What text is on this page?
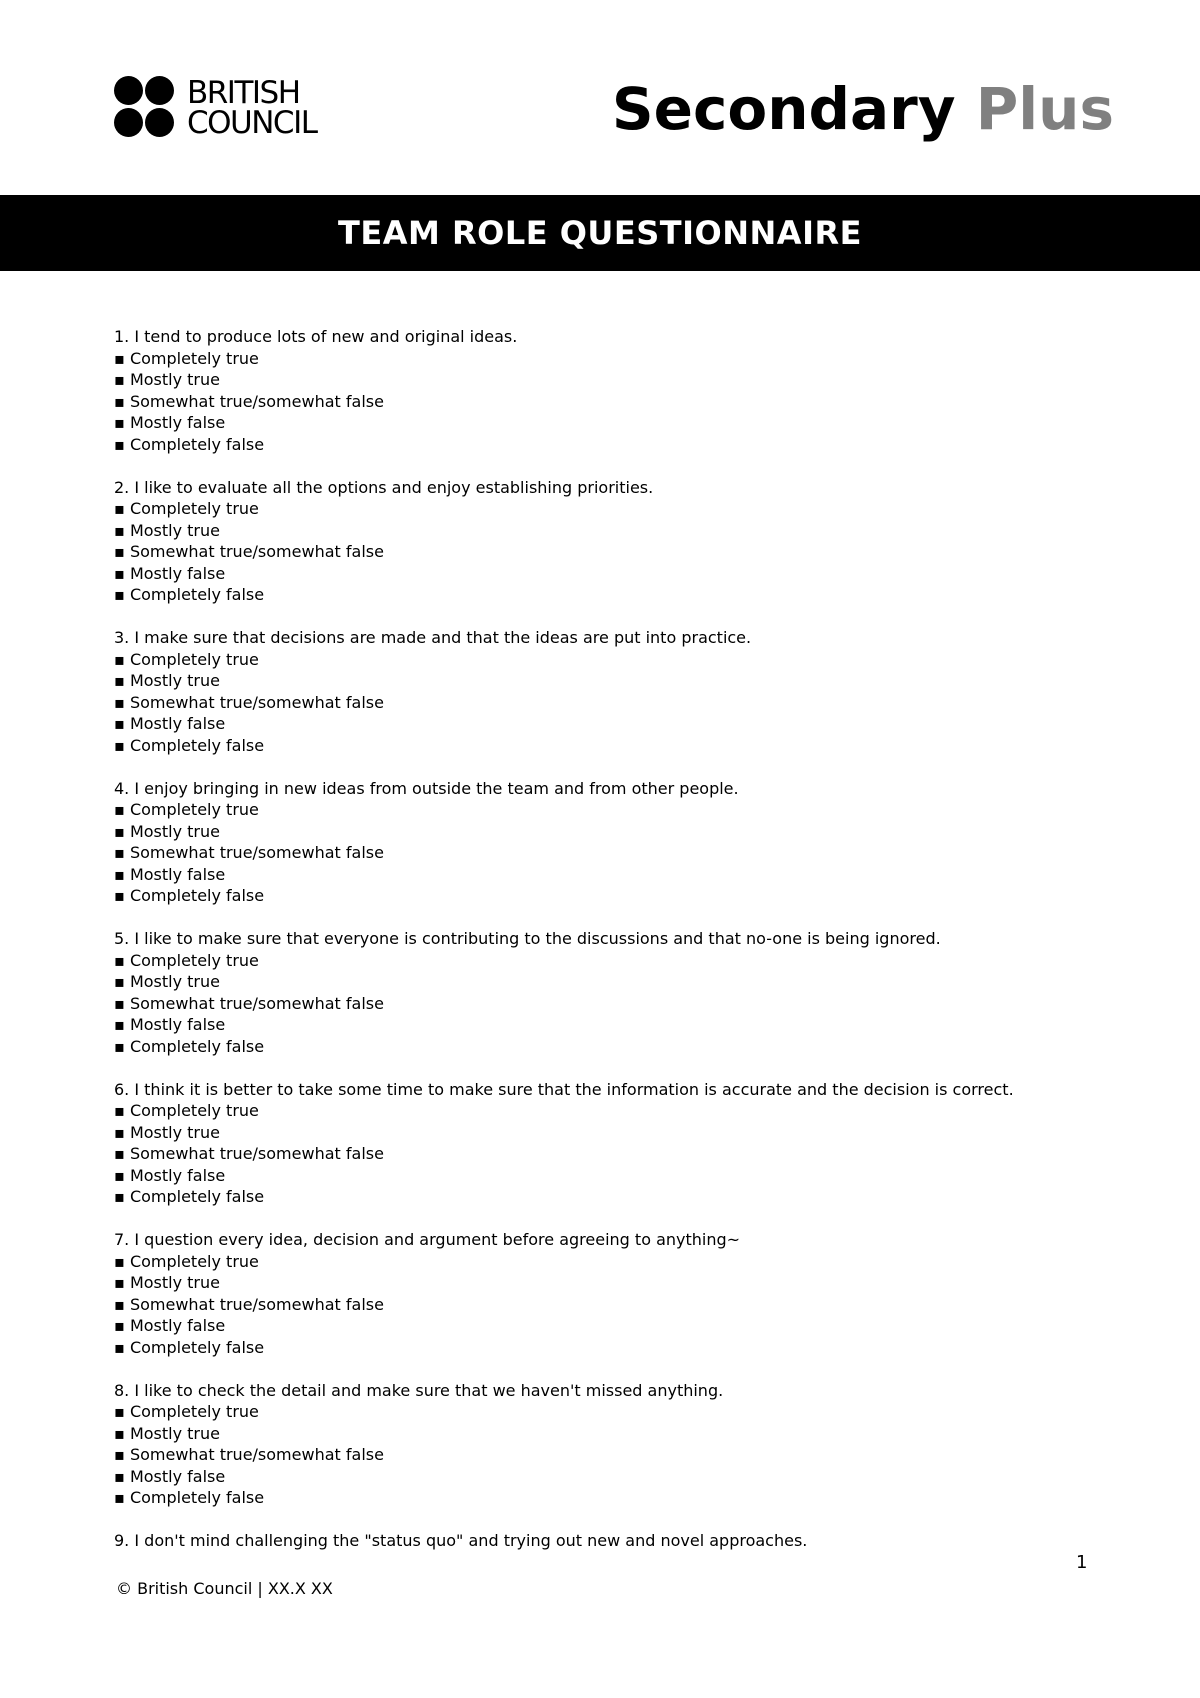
BRITISH
COUNCIL	Secondary Plus
TEAM ROLE QUESTIONNAIRE
1. I tend to produce lots of new and original ideas.
▪ Completely true
▪ Mostly true
▪ Somewhat true/somewhat false
▪ Mostly false
▪ Completely false
2. I like to evaluate all the options and enjoy establishing priorities.
▪ Completely true
▪ Mostly true
▪ Somewhat true/somewhat false
▪ Mostly false
▪ Completely false
3. I make sure that decisions are made and that the ideas are put into practice.
▪ Completely true
▪ Mostly true
▪ Somewhat true/somewhat false
▪ Mostly false
▪ Completely false
4. I enjoy bringing in new ideas from outside the team and from other people.
▪ Completely true
▪ Mostly true
▪ Somewhat true/somewhat false
▪ Mostly false
▪ Completely false
5. I like to make sure that everyone is contributing to the discussions and that no-one is being ignored.
▪ Completely true
▪ Mostly true
▪ Somewhat true/somewhat false
▪ Mostly false
▪ Completely false
6. I think it is better to take some time to make sure that the information is accurate and the decision is correct.
▪ Completely true
▪ Mostly true
▪ Somewhat true/somewhat false
▪ Mostly false
▪ Completely false
7. I question every idea, decision and argument before agreeing to anything~
▪ Completely true
▪ Mostly true
▪ Somewhat true/somewhat false
▪ Mostly false
▪ Completely false
8. I like to check the detail and make sure that we haven't missed anything.
▪ Completely true
▪ Mostly true
▪ Somewhat true/somewhat false
▪ Mostly false
▪ Completely false
9. I don't mind challenging the "status quo" and trying out new and novel approaches.
1
© British Council | XX.X XX
